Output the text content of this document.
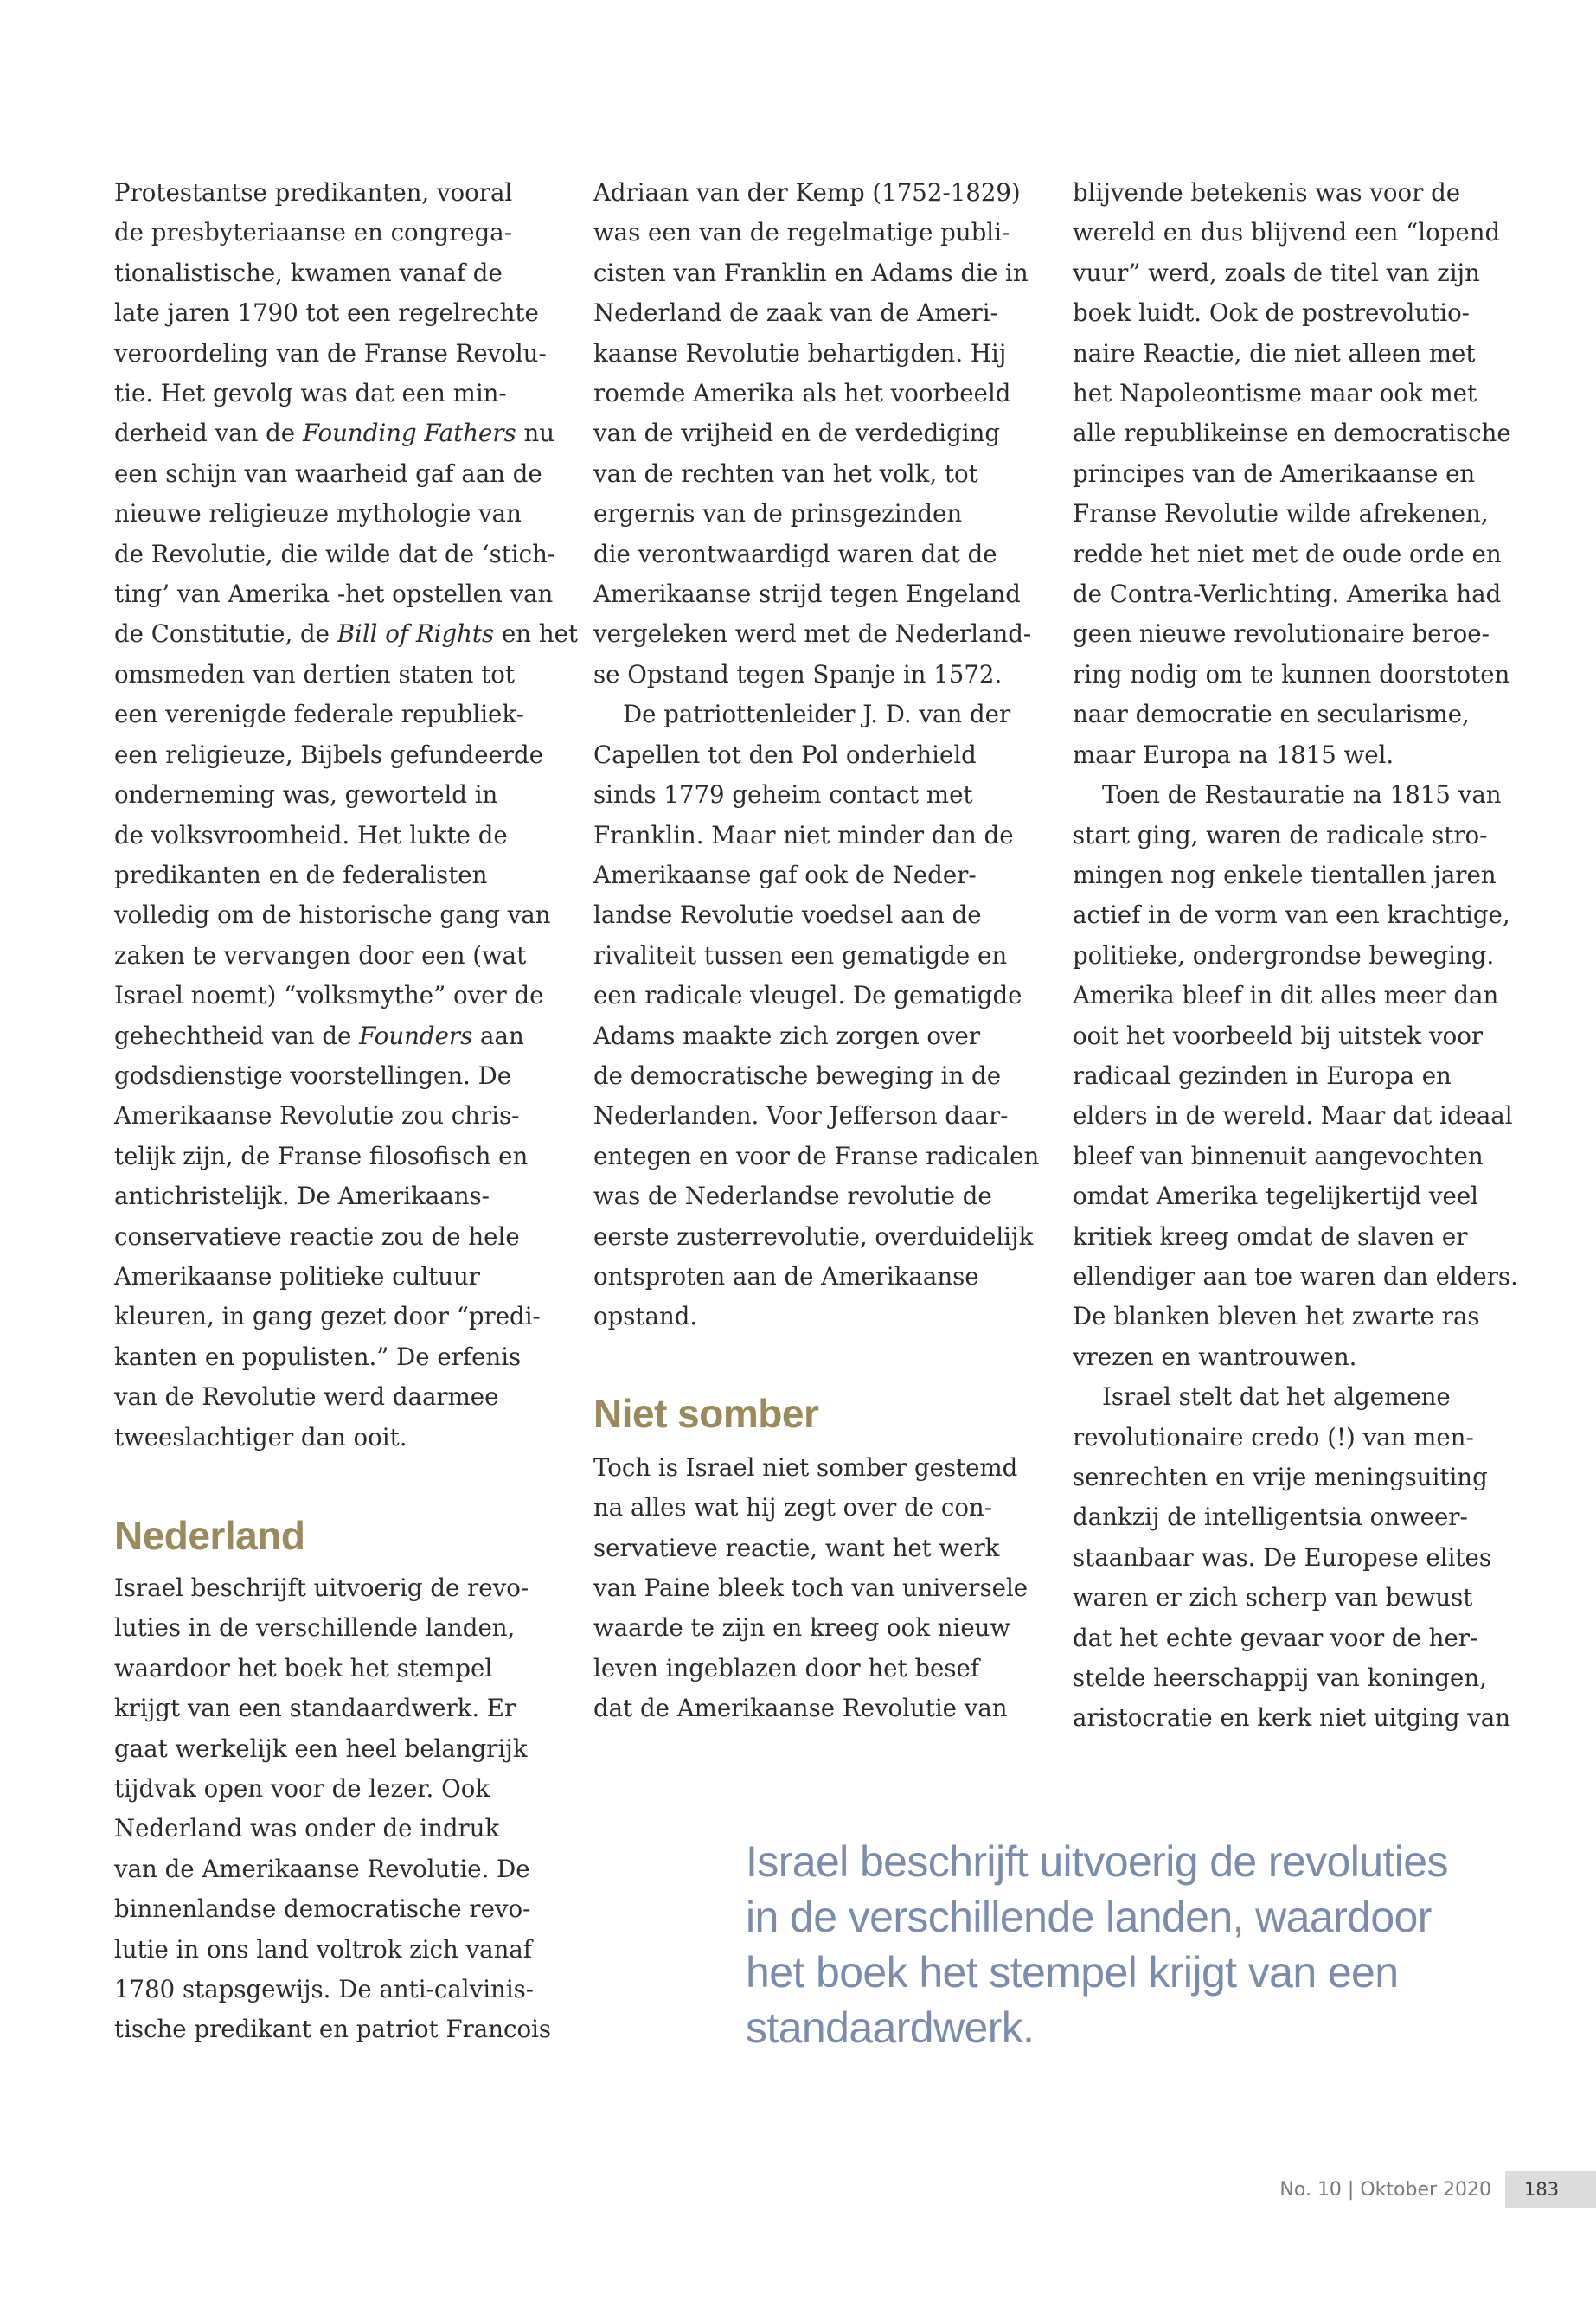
Protestantse predikanten, vooral
de presbyteriaanse en congrega-
tionalistische, kwamen vanaf de
late jaren 1790 tot een regelrechte
veroordeling van de Franse Revolu-
tie. Het gevolg was dat een min-
derheid van de Founding Fathers nu
een schijn van waarheid gaf aan de
nieuwe religieuze mythologie van
de Revolutie, die wilde dat de ‘stich-
ting’ van Amerika -het opstellen van
de Constitutie, de Bill of Rights en het
omsmeden van dertien staten tot
een verenigde federale republiek-
een religieuze, Bijbels gefundeerde
onderneming was, geworteld in
de volksvroomheid. Het lukte de
predikanten en de federalisten
volledig om de historische gang van
zaken te vervangen door een (wat
Israel noemt) “volksmythe” over de
gehechtheid van de Founders aan
godsdienstige voorstellingen. De
Amerikaanse Revolutie zou chris-
telijk zijn, de Franse filosofisch en
antichristelijk. De Amerikaans-
conservatieve reactie zou de hele
Amerikaanse politieke cultuur
kleuren, in gang gezet door “predi-
kanten en populisten.” De erfenis
van de Revolutie werd daarmee
tweeslachtiger dan ooit.

Nederland

Israel beschrijft uitvoerig de revo-
luties in de verschillende landen,
waardoor het boek het stempel
krijgt van een standaardwerk. Er
gaat werkelijk een heel belangrijk
tijdvak open voor de lezer. Ook
Nederland was onder de indruk
van de Amerikaanse Revolutie. De
binnenlandse democratische revo-
lutie in ons land voltrok zich vanaf
1780 stapsgewijs. De anti-calvinis-
tische predikant en patriot Francois

Adriaan van der Kemp (1752-1829)
was een van de regelmatige publi-
cisten van Franklin en Adams die in
Nederland de zaak van de Ameri-
kaanse Revolutie behartigden. Hij
roemde Amerika als het voorbeeld
van de vrijheid en de verdediging
van de rechten van het volk, tot
ergernis van de prinsgezinden
die verontwaardigd waren dat de
Amerikaanse strijd tegen Engeland
vergeleken werd met de Nederland-
se Opstand tegen Spanje in 1572.

De patriottenleider J. D. van der
Capellen tot den Pol onderhield
sinds 1779 geheim contact met
Franklin. Maar niet minder dan de
Amerikaanse gaf ook de Neder-
landse Revolutie voedsel aan de
rivaliteit tussen een gematigde en
een radicale vleugel. De gematigde
Adams maakte zich zorgen over
de democratische beweging in de
Nederlanden. Voor Jefferson daar-
entegen en voor de Franse radicalen
was de Nederlandse revolutie de
eerste zusterrevolutie, overduidelijk
ontsproten aan de Amerikaanse
opstand.

Niet somber

Toch is Israel niet somber gestemd
na alles wat hij zegt over de con-
servatieve reactie, want het werk
van Paine bleek toch van universele
waarde te zijn en kreeg ook nieuw
leven ingeblazen door het besef
dat de Amerikaanse Revolutie van

blijvende betekenis was voor de
wereld en dus blijvend een “lopend
vuur” werd, zoals de titel van zijn
boek luidt. Ook de postrevolutio-
naire Reactie, die niet alleen met
het Napoleontisme maar ook met
alle republikeinse en democratische
principes van de Amerikaanse en
Franse Revolutie wilde afrekenen,
redde het niet met de oude orde en
de Contra-Verlichting. Amerika had
geen nieuwe revolutionaire beroe-
ring nodig om te kunnen doorstoten
naar democratie en secularisme,
maar Europa na 1815 wel.

Toen de Restauratie na 1815 van
start ging, waren de radicale stro-
mingen nog enkele tientallen jaren
actief in de vorm van een krachtige,
politieke, ondergrondse beweging.
Amerika bleef in dit alles meer dan
ooit het voorbeeld bij uitstek voor
radicaal gezinden in Europa en
elders in de wereld. Maar dat ideaal
bleef van binnenuit aangevochten
omdat Amerika tegelijkertijd veel
kritiek kreeg omdat de slaven er
ellendiger aan toe waren dan elders.
De blanken bleven het zwarte ras
vrezen en wantrouwen.

Israel stelt dat het algemene
revolutionaire credo (!) van men-
senrechten en vrije meningsuiting
dankzij de intelligentsia onweer-
staanbaar was. De Europese elites
waren er zich scherp van bewust
dat het echte gevaar voor de her-
stelde heerschappij van koningen,
aristocratie en kerk niet uitging van

Israel beschrijft uitvoerig de revoluties
in de verschillende landen, waardoor
het boek het stempel krijgt van een
standaardwerk.
No. 10 | Oktober 2020	183
